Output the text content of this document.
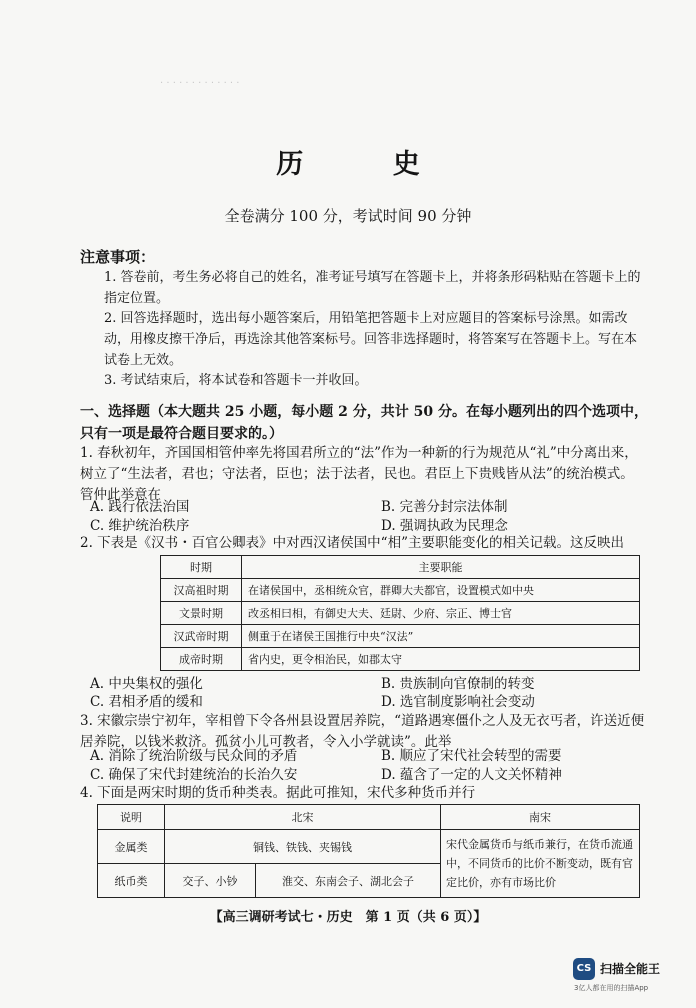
· · · · · · · · · · · · ·
历 史
全卷满分 100 分，考试时间 90 分钟
注意事项：
1. 答卷前，考生务必将自己的姓名，准考证号填写在答题卡上，并将条形码粘贴在答题卡上的指定位置。
2. 回答选择题时，选出每小题答案后，用铅笔把答题卡上对应题目的答案标号涂黑。如需改动，用橡皮擦干净后，再选涂其他答案标号。回答非选择题时，将答案写在答题卡上。写在本试卷上无效。
3. 考试结束后，将本试卷和答题卡一并收回。
一、选择题（本大题共 25 小题，每小题 2 分，共计 50 分。在每小题列出的四个选项中，只有一项是最符合题目要求的。）
1. 春秋初年，齐国国相管仲率先将国君所立的“法”作为一种新的行为规范从“礼”中分离出来，树立了“生法者，君也；守法者，臣也；法于法者，民也。君臣上下贵贱皆从法”的统治模式。管仲此举意在
A. 践行依法治国	B. 完善分封宗法体制
C. 维护统治秩序	D. 强调执政为民理念
2. 下表是《汉书・百官公卿表》中对西汉诸侯国中“相”主要职能变化的相关记载。这反映出
时期	主要职能
汉高祖时期	在诸侯国中，丞相统众官，群卿大夫都官，设置模式如中央
文景时期	改丞相曰相，有御史大夫、廷尉、少府、宗正、博士官
汉武帝时期	侧重于在诸侯王国推行中央“汉法”
成帝时期	省内史，更令相治民，如郡太守
A. 中央集权的强化	B. 贵族制向官僚制的转变
C. 君相矛盾的缓和	D. 选官制度影响社会变动
3. 宋徽宗崇宁初年，宰相曾下令各州县设置居养院，“道路遇寒僵仆之人及无衣丐者，许送近便居养院，以钱米救济。孤贫小儿可教者，令入小学就读”。此举
A. 消除了统治阶级与民众间的矛盾	B. 顺应了宋代社会转型的需要
C. 确保了宋代封建统治的长治久安	D. 蕴含了一定的人文关怀精神
4. 下面是两宋时期的货币种类表。据此可推知，宋代多种货币并行
说明	北宋		南宋
金属类	铜钱、铁钱、夹锡钱		宋代金属货币与纸币兼行，在货币流通中，不同货币的比价不断变动，既有官定比价，亦有市场比价
纸币类	交子、小钞	淮交、东南会子、湖北会子	
【高三调研考试七・历史　第 1 页（共 6 页）】
CS 扫描全能王
3亿人都在用的扫描App
